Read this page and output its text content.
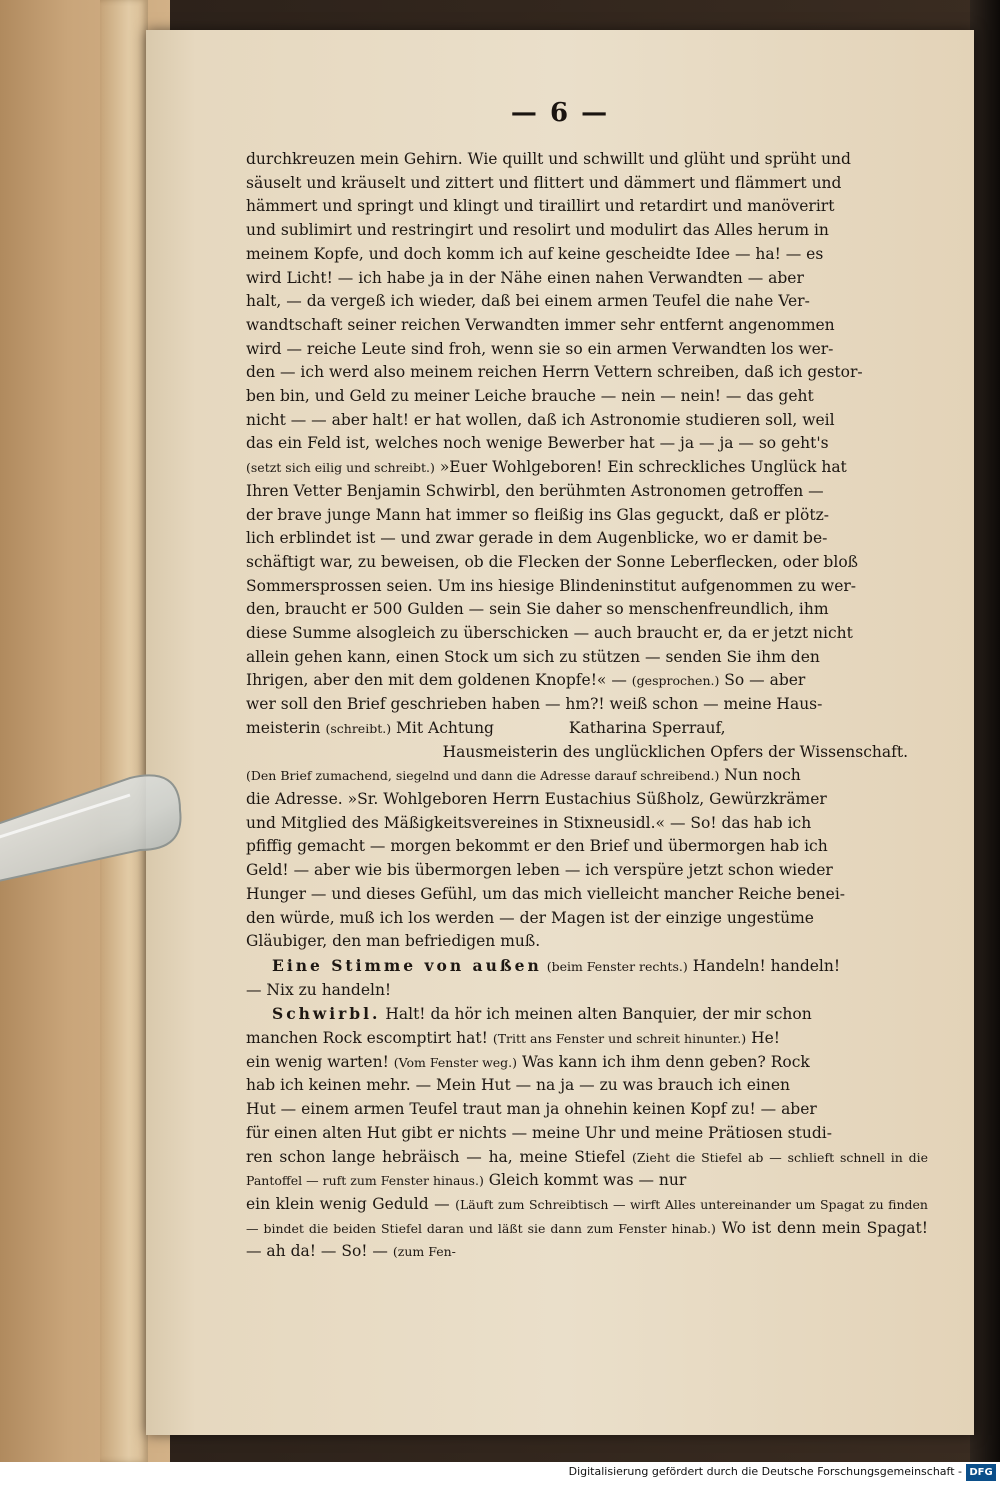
— 6 —

durchkreuzen mein Gehirn. Wie quillt und schwillt und glüht und sprüht und

säuselt und kräuselt und zittert und flittert und dämmert und flämmert und

hämmert und springt und klingt und tiraillirt und retardirt und manöverirt

und sublimirt und restringirt und resolirt und modulirt das Alles herum in

meinem Kopfe, und doch komm ich auf keine gescheidte Idee — ha! — es

wird Licht! — ich habe ja in der Nähe einen nahen Verwandten — aber

halt, — da vergeß ich wieder, daß bei einem armen Teufel die nahe Ver-

wandtschaft seiner reichen Verwandten immer sehr entfernt angenommen

wird — reiche Leute sind froh, wenn sie so ein armen Verwandten los wer-

den — ich werd also meinem reichen Herrn Vettern schreiben, daß ich gestor-

ben bin, und Geld zu meiner Leiche brauche — nein — nein! — das geht

nicht — — aber halt! er hat wollen, daß ich Astronomie studieren soll, weil

das ein Feld ist, welches noch wenige Bewerber hat — ja — ja — so geht's

(setzt sich eilig und schreibt.) »Euer Wohlgeboren! Ein schreckliches Unglück hat

Ihren Vetter Benjamin Schwirbl, den berühmten Astronomen getroffen —

der brave junge Mann hat immer so fleißig ins Glas geguckt, daß er plötz-

lich erblindet ist — und zwar gerade in dem Augenblicke, wo er damit be-

schäftigt war, zu beweisen, ob die Flecken der Sonne Leberflecken, oder bloß

Sommersprossen seien. Um ins hiesige Blindeninstitut aufgenommen zu wer-

den, braucht er 500 Gulden — sein Sie daher so menschenfreundlich, ihm

diese Summe alsogleich zu überschicken — auch braucht er, da er jetzt nicht

allein gehen kann, einen Stock um sich zu stützen — senden Sie ihm den

Ihrigen, aber den mit dem goldenen Knopfe!« — (gesprochen.) So — aber

wer soll den Brief geschrieben haben — hm?! weiß schon — meine Haus-

meisterin (schreibt.) Mit Achtung	Katharina Sperrauf,

Hausmeisterin des unglücklichen Opfers der Wissenschaft.

(Den Brief zumachend, siegelnd und dann die Adresse darauf schreibend.) Nun noch

die Adresse. »Sr. Wohlgeboren Herrn Eustachius Süßholz, Gewürzkrämer

und Mitglied des Mäßigkeitsvereines in Stixneusidl.« — So! das hab ich

pfiffig gemacht — morgen bekommt er den Brief und übermorgen hab ich

Geld! — aber wie bis übermorgen leben — ich verspüre jetzt schon wieder

Hunger — und dieses Gefühl, um das mich vielleicht mancher Reiche benei-

den würde, muß ich los werden — der Magen ist der einzige ungestüme

Gläubiger, den man befriedigen muß.

Eine Stimme von außen (beim Fenster rechts.) Handeln! handeln!

— Nix zu handeln!

Schwirbl. Halt! da hör ich meinen alten Banquier, der mir schon

manchen Rock escomptirt hat! (Tritt ans Fenster und schreit hinunter.) He!

ein wenig warten! (Vom Fenster weg.) Was kann ich ihm denn geben? Rock

hab ich keinen mehr. — Mein Hut — na ja — zu was brauch ich einen

Hut — einem armen Teufel traut man ja ohnehin keinen Kopf zu! — aber

für einen alten Hut gibt er nichts — meine Uhr und meine Prätiosen studi-

ren schon lange hebräisch — ha, meine Stiefel (Zieht die Stiefel ab — schlieft schnell in die Pantoffel — ruft zum Fenster hinaus.) Gleich kommt was — nur

ein klein wenig Geduld — (Läuft zum Schreibtisch — wirft Alles untereinander um Spagat zu finden — bindet die beiden Stiefel daran und läßt sie dann zum Fenster hinab.) Wo ist denn mein Spagat! — ah da! — So! — (zum Fen-

Digitalisierung gefördert durch die Deutsche Forschungsgemeinschaft - DFG
